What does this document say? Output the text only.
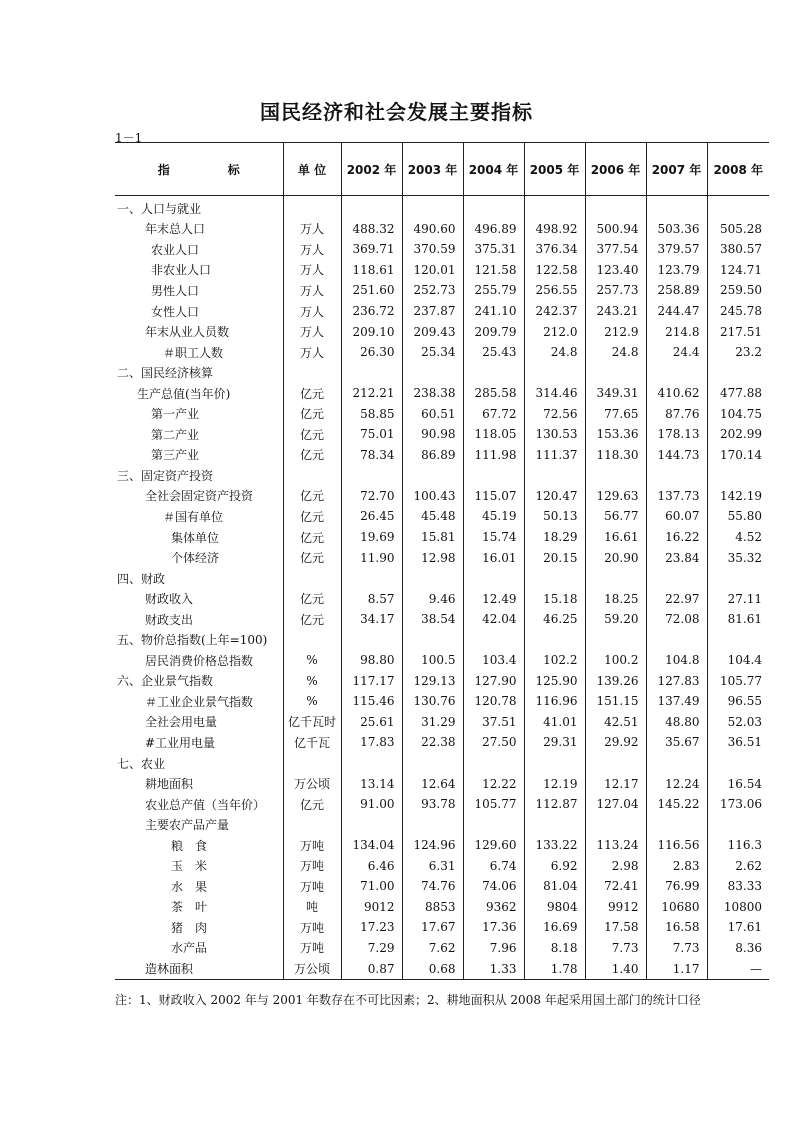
国民经济和社会发展主要指标
1－1
指 标	单 位	2002 年	2003 年	2004 年	2005 年	2006 年	2007 年	2008 年
一、人口与就业								
年末总人口	万人	488.32	490.60	496.89	498.92	500.94	503.36	505.28
农业人口	万人	369.71	370.59	375.31	376.34	377.54	379.57	380.57
非农业人口	万人	118.61	120.01	121.58	122.58	123.40	123.79	124.71
男性人口	万人	251.60	252.73	255.79	256.55	257.73	258.89	259.50
女性人口	万人	236.72	237.87	241.10	242.37	243.21	244.47	245.78
年末从业人员数	万人	209.10	209.43	209.79	212.0	212.9	214.8	217.51
＃职工人数	万人	26.30	25.34	25.43	24.8	24.8	24.4	23.2
二、国民经济核算								
生产总值(当年价)	亿元	212.21	238.38	285.58	314.46	349.31	410.62	477.88
第一产业	亿元	58.85	60.51	67.72	72.56	77.65	87.76	104.75
第二产业	亿元	75.01	90.98	118.05	130.53	153.36	178.13	202.99
第三产业	亿元	78.34	86.89	111.98	111.37	118.30	144.73	170.14
三、固定资产投资								
全社会固定资产投资	亿元	72.70	100.43	115.07	120.47	129.63	137.73	142.19
＃国有单位	亿元	26.45	45.48	45.19	50.13	56.77	60.07	55.80
集体单位	亿元	19.69	15.81	15.74	18.29	16.61	16.22	4.52
个体经济	亿元	11.90	12.98	16.01	20.15	20.90	23.84	35.32
四、财政								
财政收入	亿元	8.57	9.46	12.49	15.18	18.25	22.97	27.11
财政支出	亿元	34.17	38.54	42.04	46.25	59.20	72.08	81.61
五、物价总指数(上年=100)								
居民消费价格总指数	%	98.80	100.5	103.4	102.2	100.2	104.8	104.4
六、企业景气指数	%	117.17	129.13	127.90	125.90	139.26	127.83	105.77
＃工业企业景气指数	%	115.46	130.76	120.78	116.96	151.15	137.49	96.55
全社会用电量	亿千瓦时	25.61	31.29	37.51	41.01	42.51	48.80	52.03
#工业用电量	亿千瓦	17.83	22.38	27.50	29.31	29.92	35.67	36.51
七、农业								
耕地面积	万公顷	13.14	12.64	12.22	12.19	12.17	12.24	16.54
农业总产值（当年价）	亿元	91.00	93.78	105.77	112.87	127.04	145.22	173.06
主要农产品产量								
粮　食	万吨	134.04	124.96	129.60	133.22	113.24	116.56	116.3
玉　米	万吨	6.46	6.31	6.74	6.92	2.98	2.83	2.62
水　果	万吨	71.00	74.76	74.06	81.04	72.41	76.99	83.33
茶　叶	吨	9012	8853	9362	9804	9912	10680	10800
猪　肉	万吨	17.23	17.67	17.36	16.69	17.58	16.58	17.61
水产品	万吨	7.29	7.62	7.96	8.18	7.73	7.73	8.36
造林面积	万公顷	0.87	0.68	1.33	1.78	1.40	1.17	—
注：1、财政收入 2002 年与 2001 年数存在不可比因素；2、耕地面积从 2008 年起采用国土部门的统计口径
